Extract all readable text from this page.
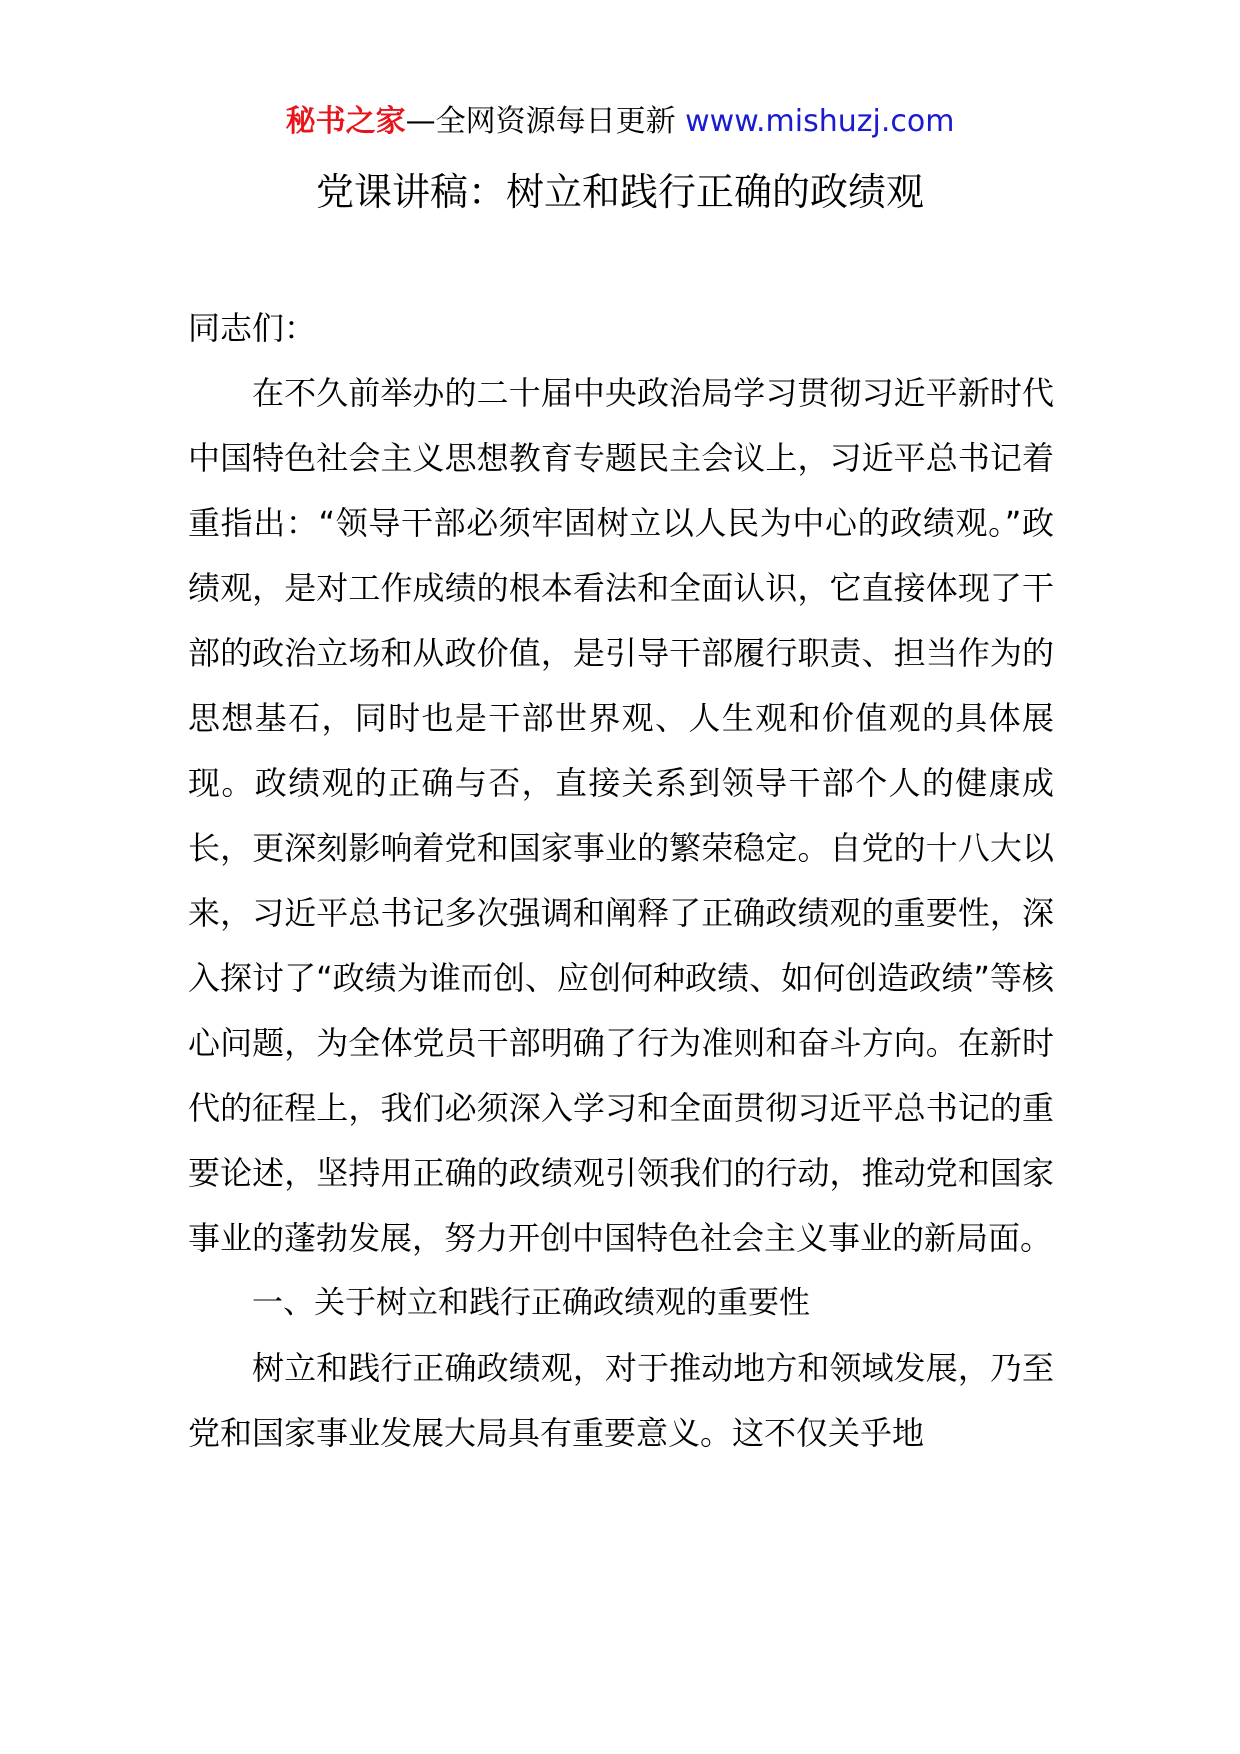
秘书之家—全网资源每日更新 www.mishuzj.com
党课讲稿：树立和践行正确的政绩观

同志们：

在不久前举办的二十届中央政治局学习贯彻习近平新时代中国特色社会主义思想教育专题民主会议上，习近平总书记着重指出：“领导干部必须牢固树立以人民为中心的政绩观。”政绩观，是对工作成绩的根本看法和全面认识，它直接体现了干部的政治立场和从政价值，是引导干部履行职责、担当作为的思想基石，同时也是干部世界观、人生观和价值观的具体展现。政绩观的正确与否，直接关系到领导干部个人的健康成长，更深刻影响着党和国家事业的繁荣稳定。自党的十八大以来，习近平总书记多次强调和阐释了正确政绩观的重要性，深入探讨了“政绩为谁而创、应创何种政绩、如何创造政绩”等核心问题，为全体党员干部明确了行为准则和奋斗方向。在新时代的征程上，我们必须深入学习和全面贯彻习近平总书记的重要论述，坚持用正确的政绩观引领我们的行动，推动党和国家事业的蓬勃发展，努力开创中国特色社会主义事业的新局面。

一、关于树立和践行正确政绩观的重要性

树立和践行正确政绩观，对于推动地方和领域发展，乃至党和国家事业发展大局具有重要意义。这不仅关乎地
